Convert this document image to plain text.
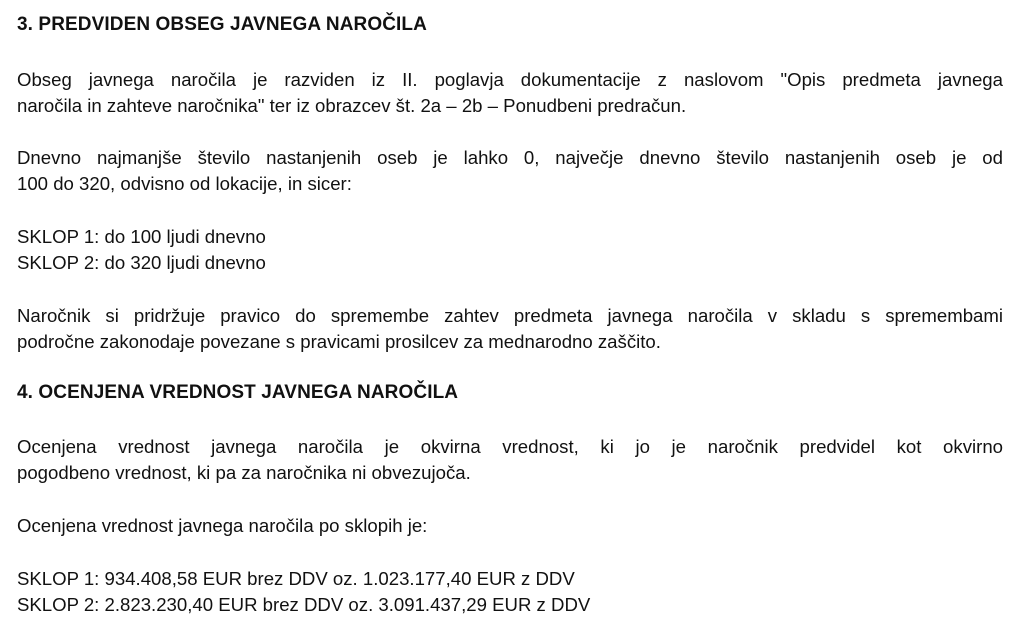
3. PREDVIDEN OBSEG JAVNEGA NAROČILA

Obseg javnega naročila je razviden iz II. poglavja dokumentacije z naslovom "Opis predmeta javnega
naročila in zahteve naročnika" ter iz obrazcev št. 2a – 2b – Ponudbeni predračun.

Dnevno najmanjše število nastanjenih oseb je lahko 0, največje dnevno število nastanjenih oseb je od
100 do 320, odvisno od lokacije, in sicer:

SKLOP 1: do 100 ljudi dnevno
SKLOP 2: do 320 ljudi dnevno

Naročnik si pridržuje pravico do spremembe zahtev predmeta javnega naročila v skladu s spremembami
področne zakonodaje povezane s pravicami prosilcev za mednarodno zaščito.

4. OCENJENA VREDNOST JAVNEGA NAROČILA

Ocenjena vrednost javnega naročila je okvirna vrednost, ki jo je naročnik predvidel kot okvirno
pogodbeno vrednost, ki pa za naročnika ni obvezujoča.

Ocenjena vrednost javnega naročila po sklopih je:

SKLOP 1: 934.408,58 EUR brez DDV oz. 1.023.177,40 EUR z DDV
SKLOP 2: 2.823.230,40 EUR brez DDV oz. 3.091.437,29 EUR z DDV
